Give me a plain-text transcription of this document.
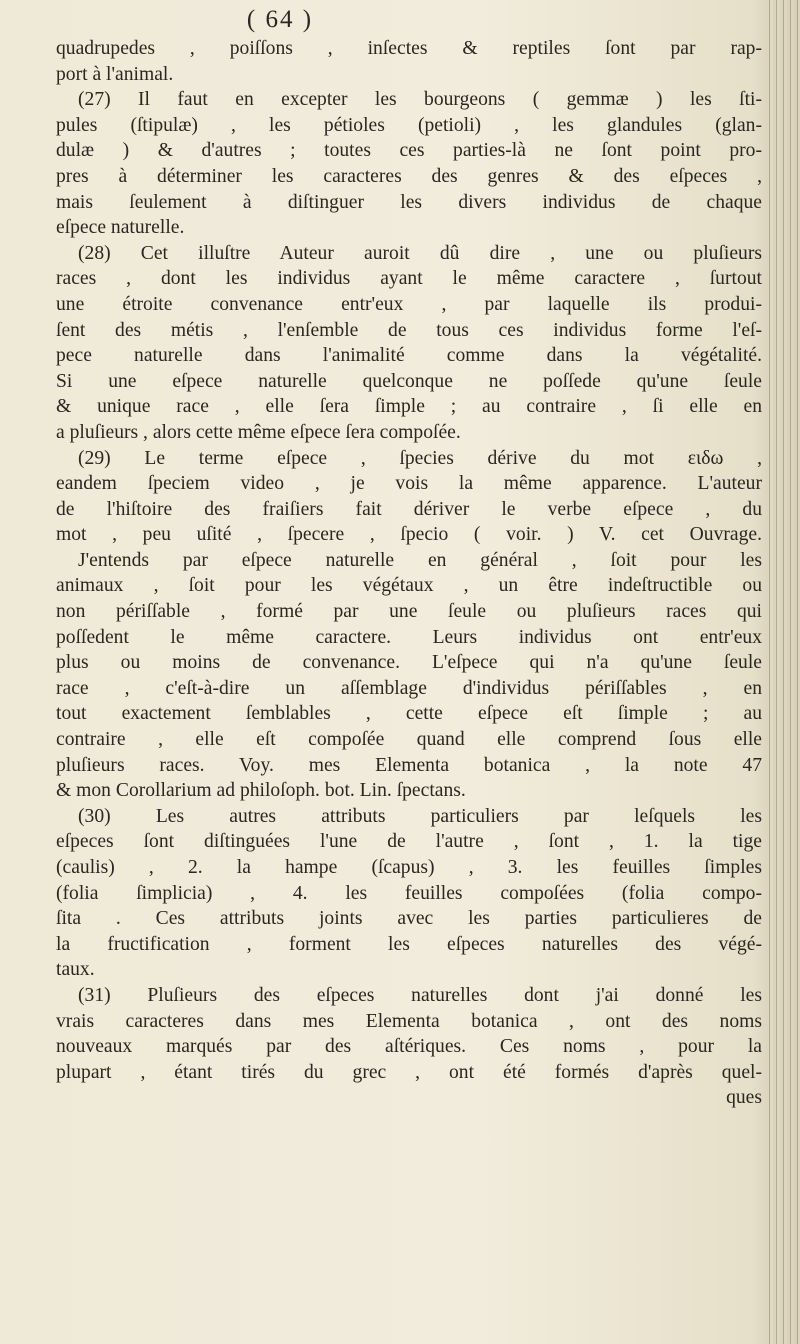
( 64 )
quadrupedes , poiſſons , inſectes & reptiles ſont par rap-
port à l'animal.
(27) Il faut en excepter les bourgeons ( gemmæ ) les ſti-
pules (ſtipulæ) , les pétioles (petioli) , les glandules (glan-
dulæ ) & d'autres ; toutes ces parties-là ne ſont point pro-
pres à déterminer les caracteres des genres & des eſpeces ,
mais ſeulement à diſtinguer les divers individus de chaque
eſpece naturelle.
(28) Cet illuſtre Auteur auroit dû dire , une ou pluſieurs
races , dont les individus ayant le même caractere , ſurtout
une étroite convenance entr'eux , par laquelle ils produi-
ſent des métis , l'enſemble de tous ces individus forme l'eſ-
pece naturelle dans l'animalité comme dans la végétalité.
Si une eſpece naturelle quelconque ne poſſede qu'une ſeule
& unique race , elle ſera ſimple ; au contraire , ſi elle en
a pluſieurs , alors cette même eſpece ſera compoſée.
(29) Le terme eſpece , ſpecies dérive du mot ειδω ,
eandem ſpeciem video , je vois la même apparence. L'auteur
de l'hiſtoire des fraiſiers fait dériver le verbe eſpece , du
mot , peu uſité , ſpecere , ſpecio ( voir. ) V. cet Ouvrage.
J'entends par eſpece naturelle en général , ſoit pour les
animaux , ſoit pour les végétaux , un être indeſtructible ou
non périſſable , formé par une ſeule ou pluſieurs races qui
poſſedent le même caractere. Leurs individus ont entr'eux
plus ou moins de convenance. L'eſpece qui n'a qu'une ſeule
race , c'eſt-à-dire un aſſemblage d'individus périſſables , en
tout exactement ſemblables , cette eſpece eſt ſimple ; au
contraire , elle eſt compoſée quand elle comprend ſous elle
pluſieurs races. Voy. mes Elementa botanica , la note 47
& mon Corollarium ad philoſoph. bot. Lin. ſpectans.
(30) Les autres attributs particuliers par leſquels les
eſpeces ſont diſtinguées l'une de l'autre , ſont , 1. la tige
(caulis) , 2. la hampe (ſcapus) , 3. les feuilles ſimples
(folia ſimplicia) , 4. les feuilles compoſées (folia compo-
ſita . Ces attributs joints avec les parties particulieres de
la fructification , forment les eſpeces naturelles des végé-
taux.
(31) Pluſieurs des eſpeces naturelles dont j'ai donné les
vrais caracteres dans mes Elementa botanica , ont des noms
nouveaux marqués par des aſtériques. Ces noms , pour la
plupart , étant tirés du grec , ont été formés d'après quel-
ques
